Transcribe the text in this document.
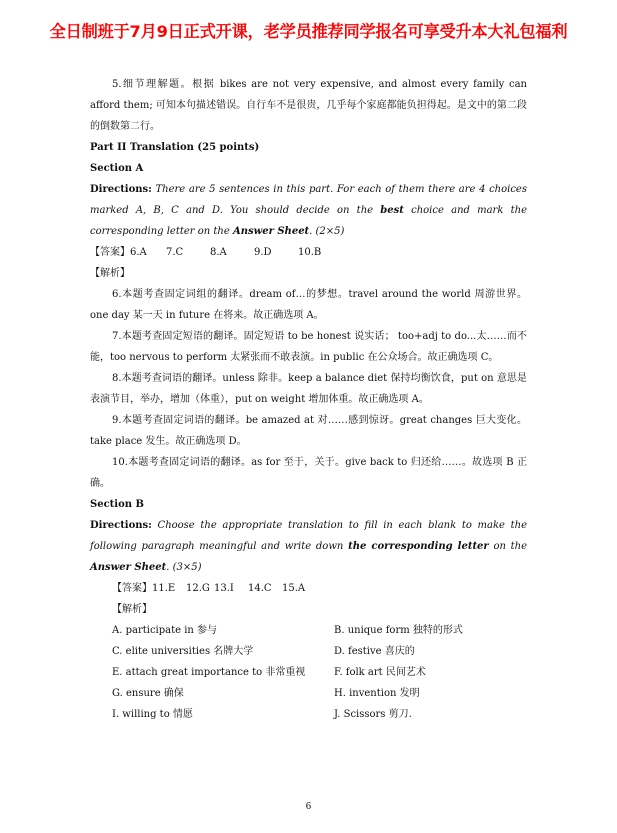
全日制班于7月9日正式开课，老学员推荐同学报名可享受升本大礼包福利

5.细节理解题。根据 bikes are not very expensive, and almost every family can afford them; 可知本句描述错误。自行车不是很贵，几乎每个家庭都能负担得起。是文中的第二段的倒数第二行。

Part II Translation (25 points)

Section A

Directions: There are 5 sentences in this part. For each of them there are 4 choices marked A, B, C and D. You should decide on the best choice and mark the corresponding letter on the Answer Sheet. (2×5)

【答案】6.A 7.C	8.A	9.D	10.B

【解析】

6.本题考查固定词组的翻译。dream of…的梦想。travel around the world 周游世界。one day 某一天 in future 在将来。故正确选项 A。

7.本题考查固定短语的翻译。固定短语 to be honest 说实话； too+adj to do...太……而不能，too nervous to perform 太紧张而不敢表演。in public 在公众场合。故正确选项 C。

8.本题考查词语的翻译。unless 除非。keep a balance diet 保持均衡饮食，put on 意思是表演节目，举办，增加（体重），put on weight 增加体重。故正确选项 A。

9.本题考查固定词语的翻译。be amazed at 对……感到惊讶。great changes 巨大变化。take place 发生。故正确选项 D。

10.本题考查固定词语的翻译。as for 至于，关于。give back to 归还给……。故选项 B 正确。

Section B

Directions: Choose the appropriate translation to fill in each blank to make the following paragraph meaningful and write down the corresponding letter on the Answer Sheet. (3×5)

【答案】11.E 12.G 13.I 14.C 15.A

【解析】

A. participate in 参与	B. unique form 独特的形式
C. elite universities 名牌大学	D. festive 喜庆的
E. attach great importance to 非常重视	F. folk art 民间艺术
G. ensure 确保	H. invention 发明
I. willing to 情愿	J. Scissors 剪刀.
6
